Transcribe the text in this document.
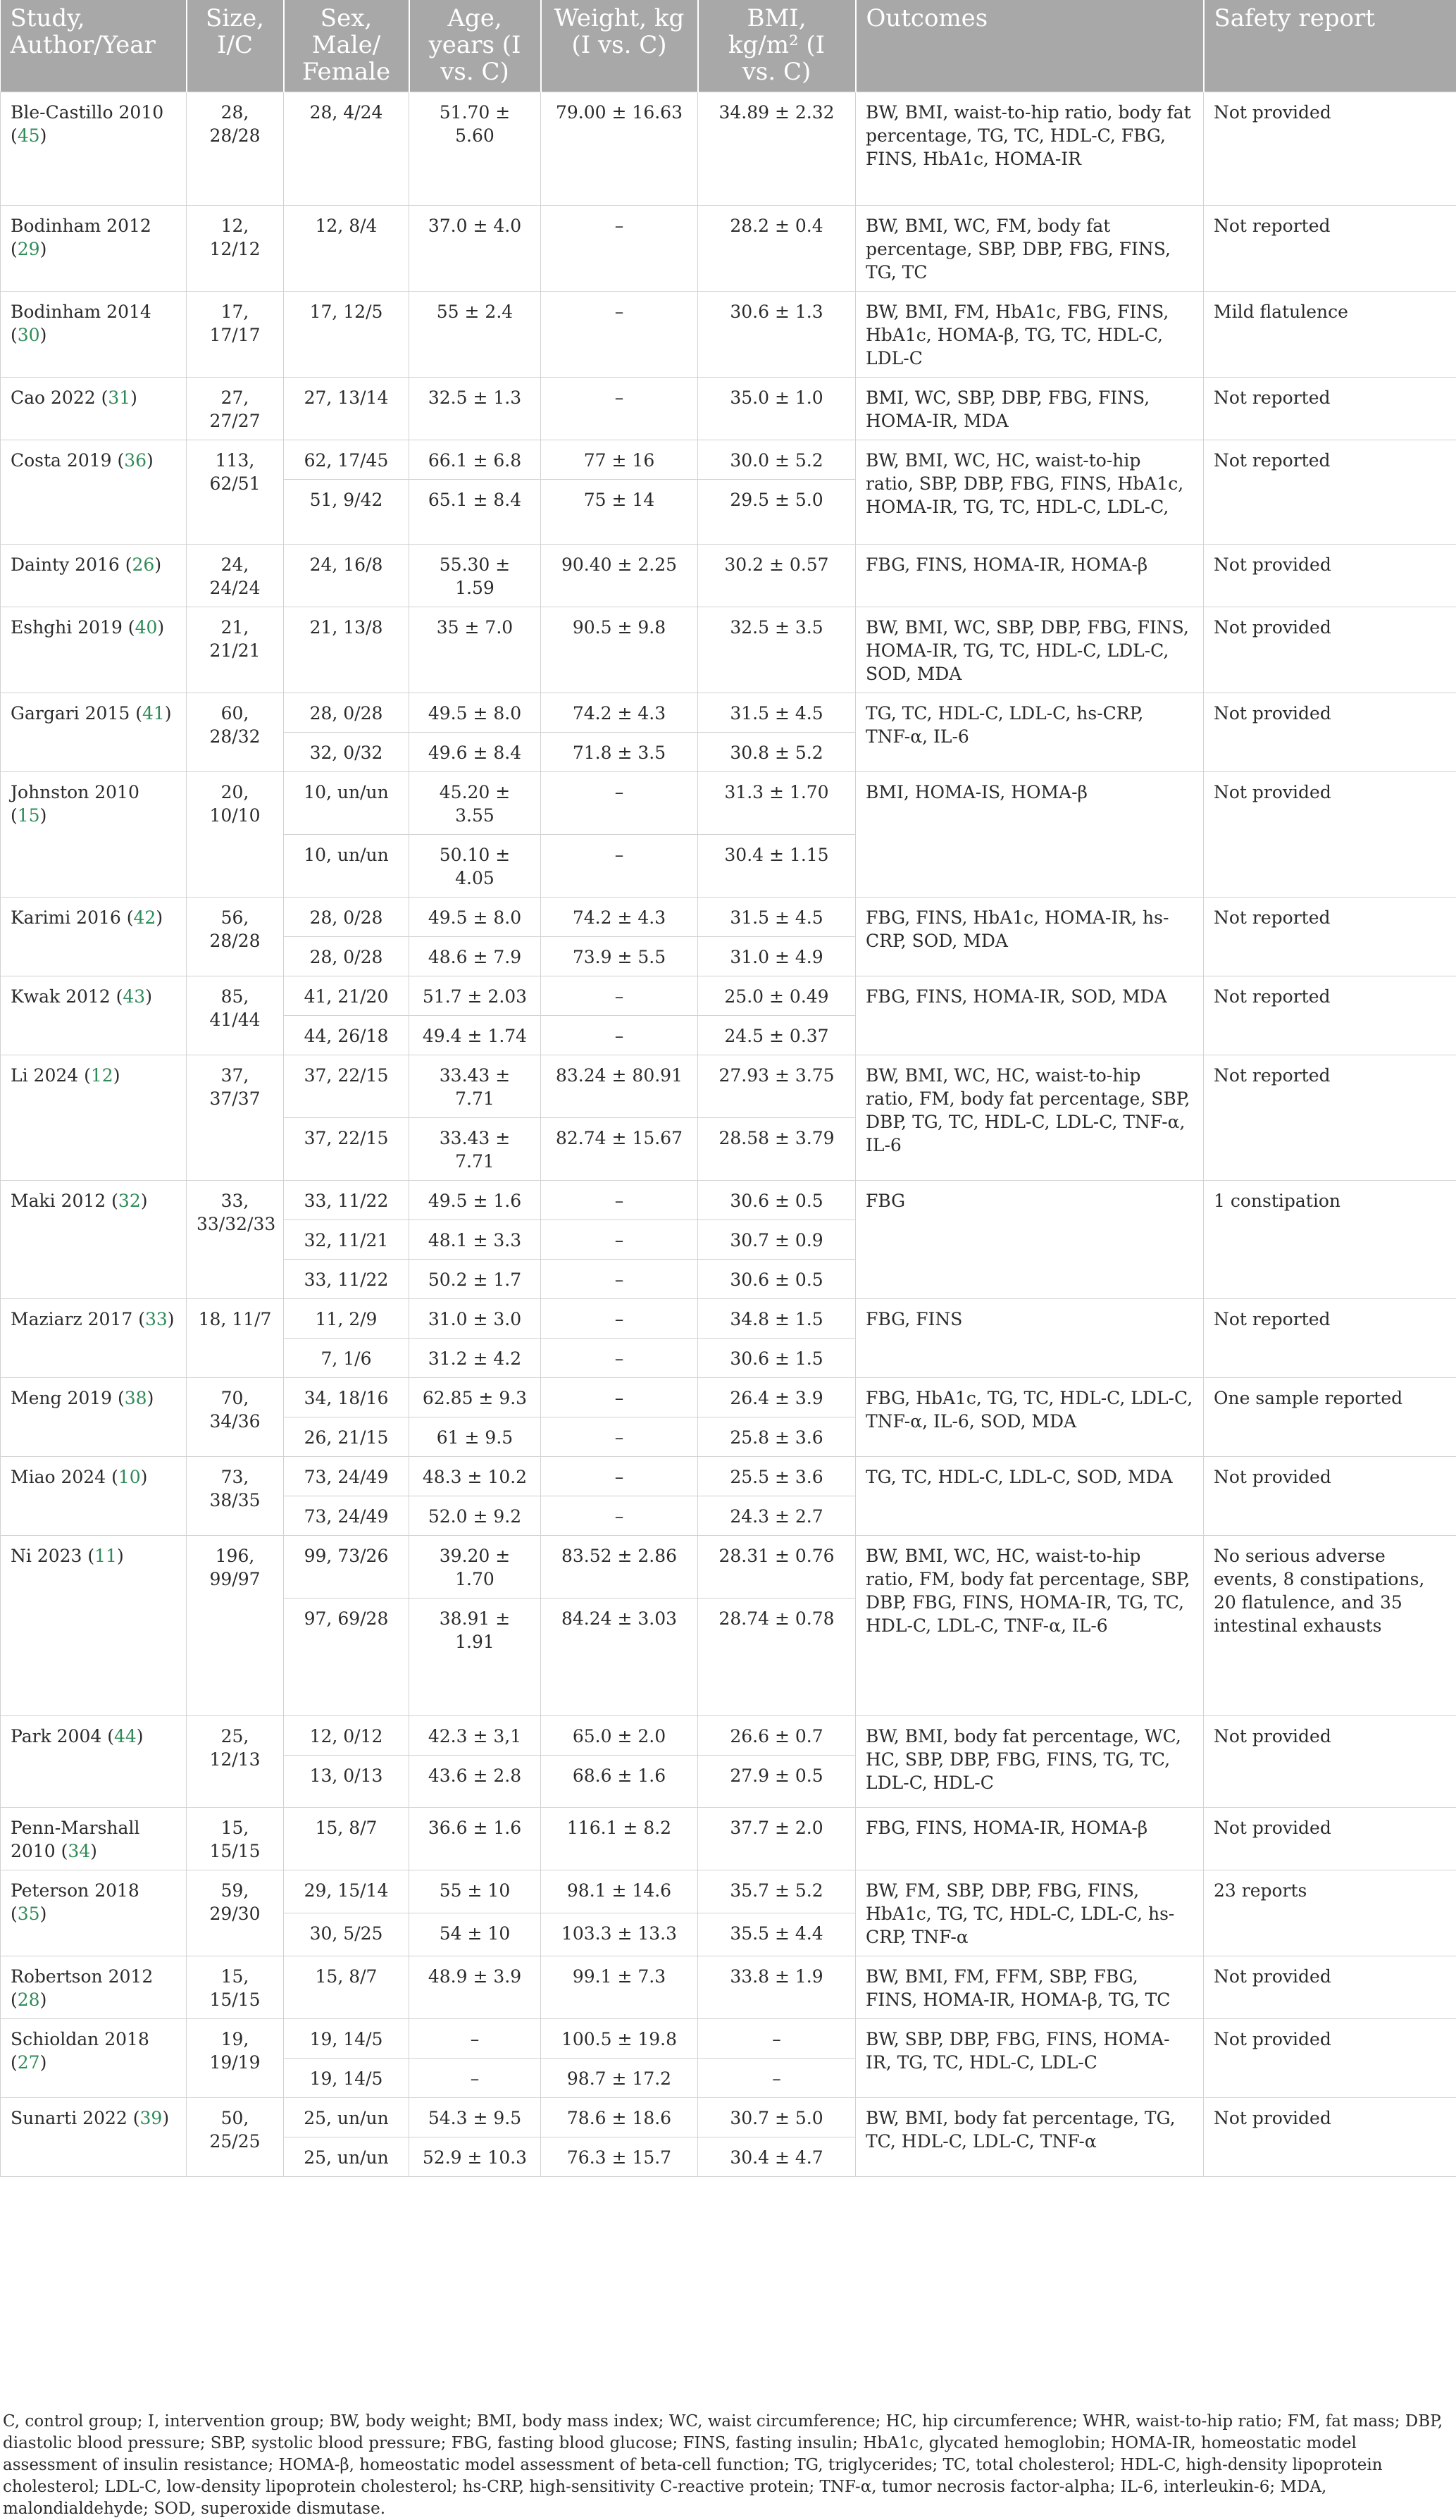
Study, Author/Year	Size, I/C	Sex, Male/ Female	Age, years (I vs. C)	Weight, kg (I vs. C)	BMI, kg/m² (I vs. C)	Outcomes	Safety report
Ble-Castillo 2010 (45)	28, 28/28	28, 4/24	51.70 ± 5.60	79.00 ± 16.63	34.89 ± 2.32	BW, BMI, waist-to-hip ratio, body fat percentage, TG, TC, HDL-C, FBG, FINS, HbA1c, HOMA-IR	Not provided
Bodinham 2012 (29)	12, 12/12	12, 8/4	37.0 ± 4.0	–	28.2 ± 0.4	BW, BMI, WC, FM, body fat percentage, SBP, DBP, FBG, FINS, TG, TC	Not reported
Bodinham 2014 (30)	17, 17/17	17, 12/5	55 ± 2.4	–	30.6 ± 1.3	BW, BMI, FM, HbA1c, FBG, FINS, HbA1c, HOMA-β, TG, TC, HDL-C, LDL-C	Mild flatulence
Cao 2022 (31)	27, 27/27	27, 13/14	32.5 ± 1.3	–	35.0 ± 1.0	BMI, WC, SBP, DBP, FBG, FINS, HOMA-IR, MDA	Not reported
Costa 2019 (36)	113, 62/51	62, 17/45	66.1 ± 6.8	77 ± 16	30.0 ± 5.2	BW, BMI, WC, HC, waist-to-hip ratio, SBP, DBP, FBG, FINS, HbA1c, HOMA-IR, TG, TC, HDL-C, LDL-C,	Not reported
		51, 9/42	65.1 ± 8.4	75 ± 14	29.5 ± 5.0		
Dainty 2016 (26)	24, 24/24	24, 16/8	55.30 ± 1.59	90.40 ± 2.25	30.2 ± 0.57	FBG, FINS, HOMA-IR, HOMA-β	Not provided
Eshghi 2019 (40)	21, 21/21	21, 13/8	35 ± 7.0	90.5 ± 9.8	32.5 ± 3.5	BW, BMI, WC, SBP, DBP, FBG, FINS, HOMA-IR, TG, TC, HDL-C, LDL-C, SOD, MDA	Not provided
Gargari 2015 (41)	60, 28/32	28, 0/28	49.5 ± 8.0	74.2 ± 4.3	31.5 ± 4.5	TG, TC, HDL-C, LDL-C, hs-CRP, TNF-α, IL-6	Not provided
		32, 0/32	49.6 ± 8.4	71.8 ± 3.5	30.8 ± 5.2		
Johnston 2010 (15)	20, 10/10	10, un/un	45.20 ± 3.55	–	31.3 ± 1.70	BMI, HOMA-IS, HOMA-β	Not provided
		10, un/un	50.10 ± 4.05	–	30.4 ± 1.15		
Karimi 2016 (42)	56, 28/28	28, 0/28	49.5 ± 8.0	74.2 ± 4.3	31.5 ± 4.5	FBG, FINS, HbA1c, HOMA-IR, hs-CRP, SOD, MDA	Not reported
		28, 0/28	48.6 ± 7.9	73.9 ± 5.5	31.0 ± 4.9		
Kwak 2012 (43)	85, 41/44	41, 21/20	51.7 ± 2.03	–	25.0 ± 0.49	FBG, FINS, HOMA-IR, SOD, MDA	Not reported
		44, 26/18	49.4 ± 1.74	–	24.5 ± 0.37		
Li 2024 (12)	37, 37/37	37, 22/15	33.43 ± 7.71	83.24 ± 80.91	27.93 ± 3.75	BW, BMI, WC, HC, waist-to-hip ratio, FM, body fat percentage, SBP, DBP, TG, TC, HDL-C, LDL-C, TNF-α, IL-6	Not reported
		37, 22/15	33.43 ± 7.71	82.74 ± 15.67	28.58 ± 3.79		
Maki 2012 (32)	33, 33/32/33	33, 11/22	49.5 ± 1.6	–	30.6 ± 0.5	FBG	1 constipation
		32, 11/21	48.1 ± 3.3	–	30.7 ± 0.9		
		33, 11/22	50.2 ± 1.7	–	30.6 ± 0.5		
Maziarz 2017 (33)	18, 11/7	11, 2/9	31.0 ± 3.0	–	34.8 ± 1.5	FBG, FINS	Not reported
		7, 1/6	31.2 ± 4.2	–	30.6 ± 1.5		
Meng 2019 (38)	70, 34/36	34, 18/16	62.85 ± 9.3	–	26.4 ± 3.9	FBG, HbA1c, TG, TC, HDL-C, LDL-C, TNF-α, IL-6, SOD, MDA	One sample reported
		26, 21/15	61 ± 9.5	–	25.8 ± 3.6		
Miao 2024 (10)	73, 38/35	73, 24/49	48.3 ± 10.2	–	25.5 ± 3.6	TG, TC, HDL-C, LDL-C, SOD, MDA	Not provided
		73, 24/49	52.0 ± 9.2	–	24.3 ± 2.7		
Ni 2023 (11)	196, 99/97	99, 73/26	39.20 ± 1.70	83.52 ± 2.86	28.31 ± 0.76	BW, BMI, WC, HC, waist-to-hip ratio, FM, body fat percentage, SBP, DBP, FBG, FINS, HOMA-IR, TG, TC, HDL-C, LDL-C, TNF-α, IL-6	No serious adverse events, 8 constipations, 20 flatulence, and 35 intestinal exhausts
		97, 69/28	38.91 ± 1.91	84.24 ± 3.03	28.74 ± 0.78		
Park 2004 (44)	25, 12/13	12, 0/12	42.3 ± 3,1	65.0 ± 2.0	26.6 ± 0.7	BW, BMI, body fat percentage, WC, HC, SBP, DBP, FBG, FINS, TG, TC, LDL-C, HDL-C	Not provided
		13, 0/13	43.6 ± 2.8	68.6 ± 1.6	27.9 ± 0.5		
Penn-Marshall 2010 (34)	15, 15/15	15, 8/7	36.6 ± 1.6	116.1 ± 8.2	37.7 ± 2.0	FBG, FINS, HOMA-IR, HOMA-β	Not provided
Peterson 2018 (35)	59, 29/30	29, 15/14	55 ± 10	98.1 ± 14.6	35.7 ± 5.2	BW, FM, SBP, DBP, FBG, FINS, HbA1c, TG, TC, HDL-C, LDL-C, hs-CRP, TNF-α	23 reports
		30, 5/25	54 ± 10	103.3 ± 13.3	35.5 ± 4.4		
Robertson 2012 (28)	15, 15/15	15, 8/7	48.9 ± 3.9	99.1 ± 7.3	33.8 ± 1.9	BW, BMI, FM, FFM, SBP, FBG, FINS, HOMA-IR, HOMA-β, TG, TC	Not provided
Schioldan 2018 (27)	19, 19/19	19, 14/5	–	100.5 ± 19.8	–	BW, SBP, DBP, FBG, FINS, HOMA-IR, TG, TC, HDL-C, LDL-C	Not provided
		19, 14/5	–	98.7 ± 17.2	–		
Sunarti 2022 (39)	50, 25/25	25, un/un	54.3 ± 9.5	78.6 ± 18.6	30.7 ± 5.0	BW, BMI, body fat percentage, TG, TC, HDL-C, LDL-C, TNF-α	Not provided
		25, un/un	52.9 ± 10.3	76.3 ± 15.7	30.4 ± 4.7		
C, control group; I, intervention group; BW, body weight; BMI, body mass index; WC, waist circumference; HC, hip circumference; WHR, waist-to-hip ratio; FM, fat mass; DBP, diastolic blood pressure; SBP, systolic blood pressure; FBG, fasting blood glucose; FINS, fasting insulin; HbA1c, glycated hemoglobin; HOMA-IR, homeostatic model assessment of insulin resistance; HOMA-β, homeostatic model assessment of beta-cell function; TG, triglycerides; TC, total cholesterol; HDL-C, high-density lipoprotein cholesterol; LDL-C, low-density lipoprotein cholesterol; hs-CRP, high-sensitivity C-reactive protein; TNF-α, tumor necrosis factor-alpha; IL-6, interleukin-6; MDA, malondialdehyde; SOD, superoxide dismutase.
